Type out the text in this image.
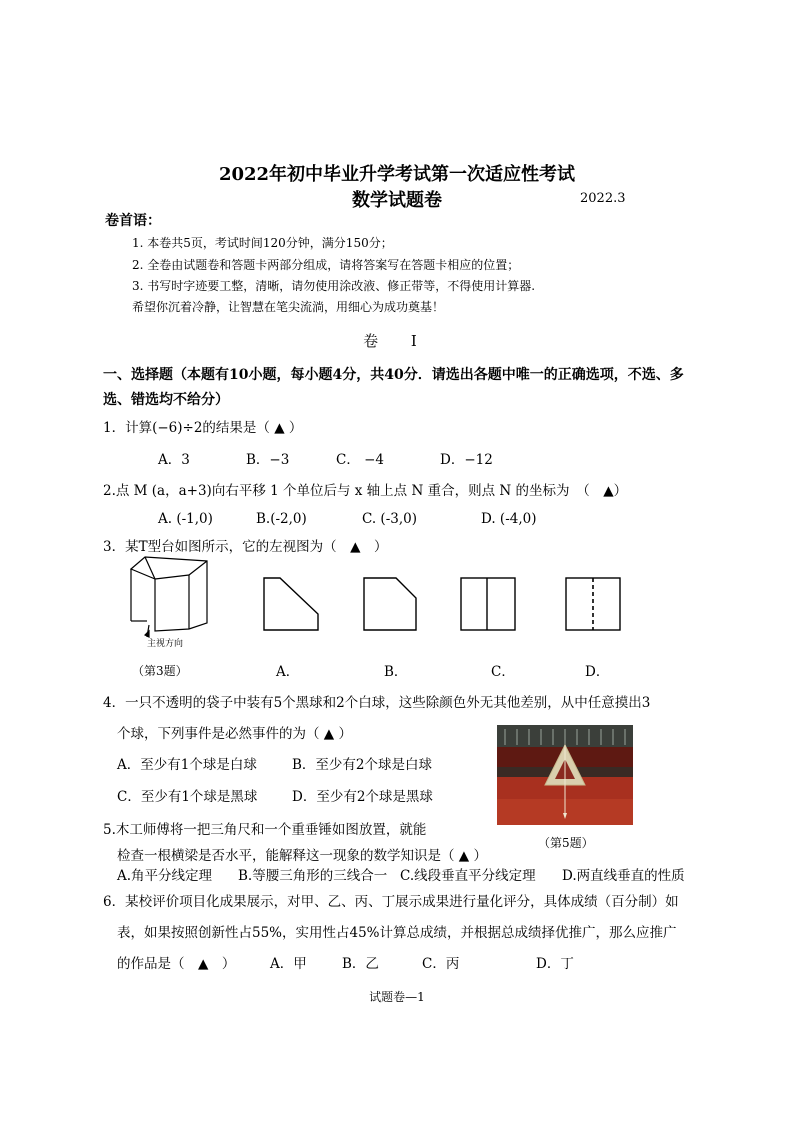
2022年初中毕业升学考试第一次适应性考试
数学试题卷	2022.3
卷首语：
1. 本卷共5页，考试时间120分钟，满分150分；
2. 全卷由试题卷和答题卡两部分组成，请将答案写在答题卡相应的位置；
3. 书写时字迹要工整，清晰，请勿使用涂改液、修正带等，不得使用计算器.
希望你沉着冷静，让智慧在笔尖流淌，用细心为成功奠基！
卷 Ⅰ
一、选择题（本题有10小题，每小题4分，共40分．请选出各题中唯一的正确选项，不选、多
选、错选均不给分）
1．计算(−6)÷2的结果是（ ▲ ）
A．3	B．−3	C． −4	D．−12
2.点 M (a，a+3)向右平移 1 个单位后与 x 轴上点 N 重合，则点 N 的坐标为　（　▲）
A. (-1,0)	B.(-2,0)	C. (-3,0)	D. (-4,0)
3．某T型台如图所示，它的左视图为（　▲　）
主视方向
（第3题）	A．	B．	C．	D．
4．一只不透明的袋子中装有5个黑球和2个白球，这些除颜色外无其他差别，从中任意摸出3
个球，下列事件是必然事件的为（ ▲ ）
A．至少有1个球是白球	B．至少有2个球是白球
C．至少有1个球是黑球	D．至少有2个球是黑球
（第5题）
5.木工师傅将一把三角尺和一个重垂锤如图放置，就能
检查一根横梁是否水平，能解释这一现象的数学知识是（ ▲ ）
A.角平分线定理 B.等腰三角形的三线合一 C.线段垂直平分线定理 D.两直线垂直的性质
6．某校评价项目化成果展示，对甲、乙、丙、丁展示成果进行量化评分，具体成绩（百分制）如
表，如果按照创新性占55%，实用性占45%计算总成绩，并根据总成绩择优推广，那么应推广
的作品是（　▲　）	A．甲	B．乙	C．丙	D．丁
试题卷—1
